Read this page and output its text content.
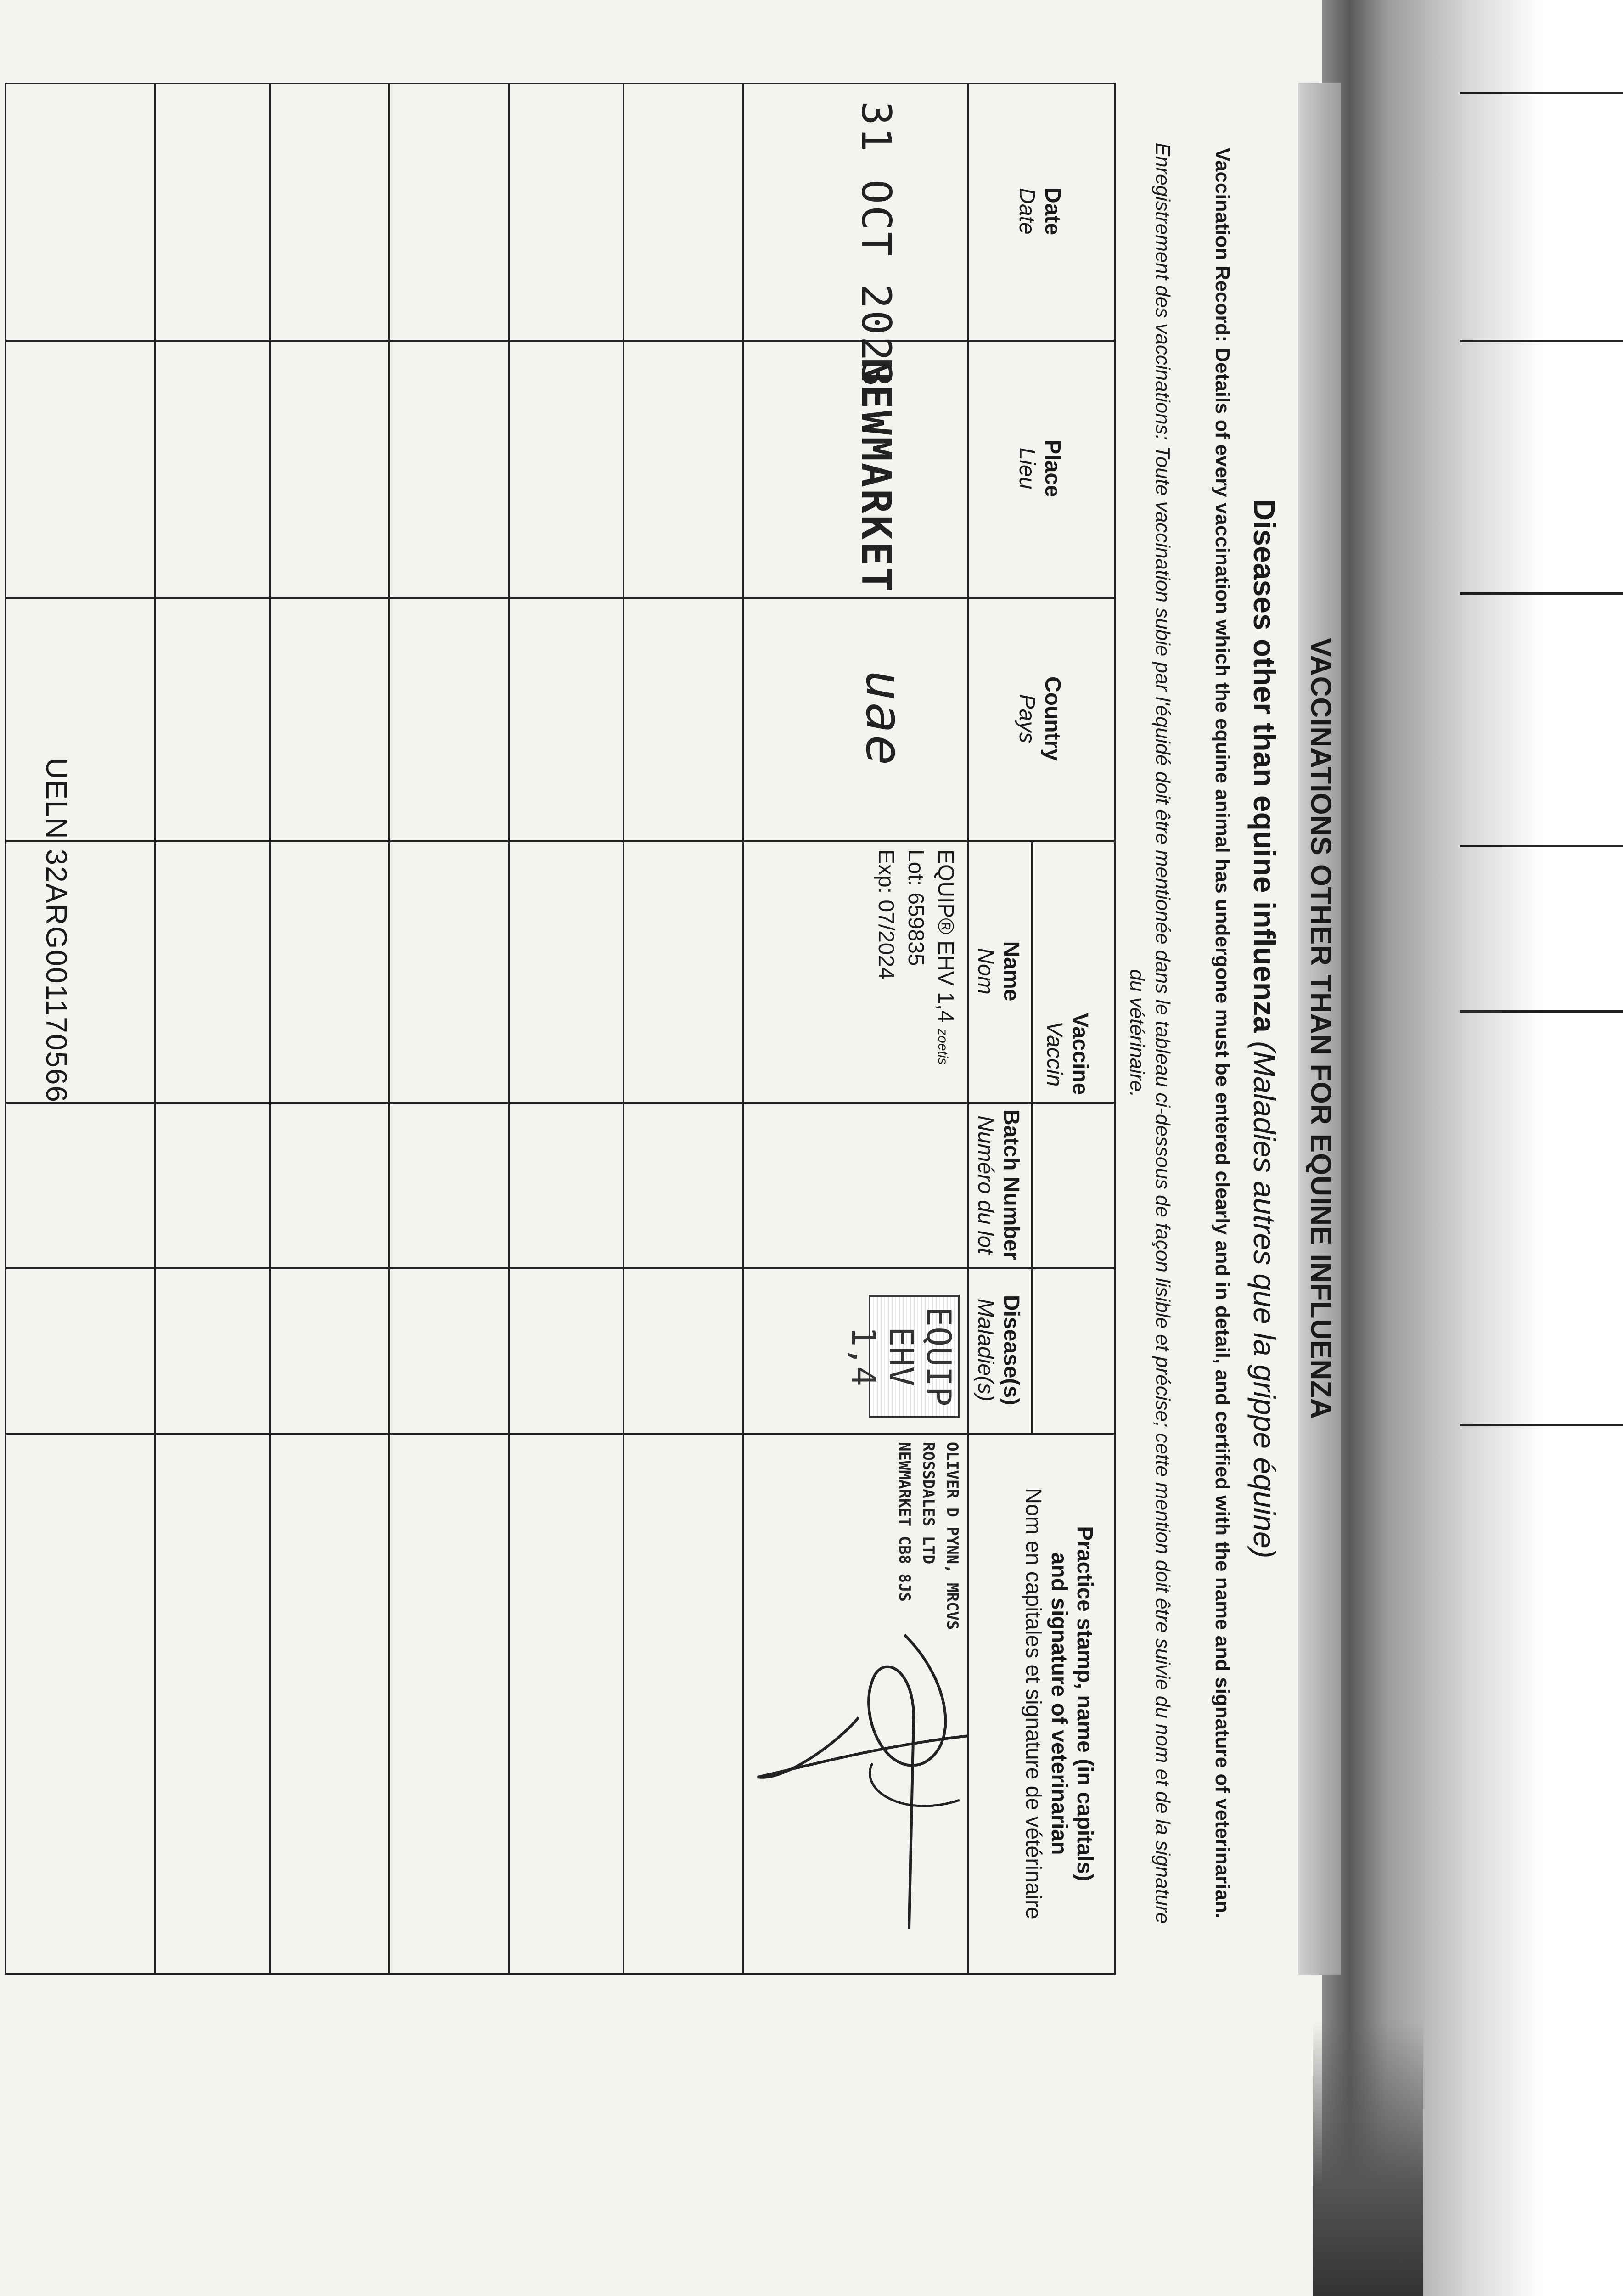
VACCINATIONS OTHER THAN FOR EQUINE INFLUENZA
Diseases other than equine influenza (Maladies autres que la grippe équine)
Vaccination Record: Details of every vaccination which the equine animal has undergone must be entered clearly and in detail, and certified with the name and signature of veterinarian.
Enregistrement des vaccinations: Toute vaccination subie par l'équidé doit être mentionée dans le tableau ci-dessous de façon lisible et précise; cette mention doit être suivie du nom et de la signature du vétérinaire.
Date
Date
Place
Lieu
Country
Pays
Vaccine
Vaccin
Name
Nom
Batch Number
Numéro du lot
Disease(s)
Maladie(s)
Practice stamp, name (in capitals)
and signature of veterinarian
Nom en capitales et signature de vétérinaire
31 OCT 2023
NEWMARKET
uae
EQUIP® EHV 1,4 zoetis
Lot: 659835
Exp: 07/2024
EQUIP
EHV 1,4
OLIVER D PYNN, MRCVS
ROSSDALES LTD
NEWMARKET CB8 8JS
UELN 32ARG001170566
